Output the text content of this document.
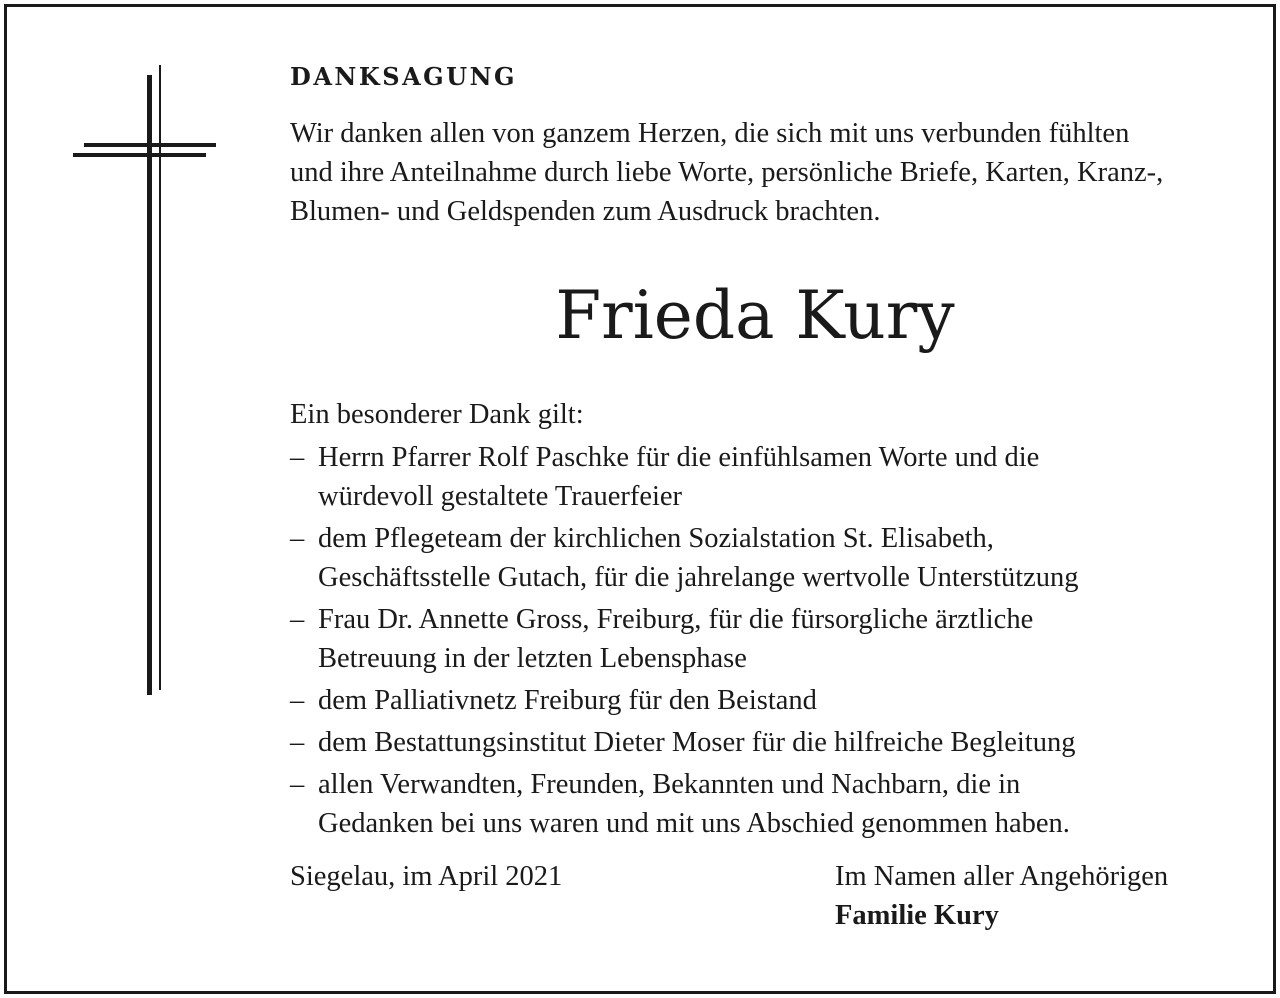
DANKSAGUNG

Wir danken allen von ganzem Herzen, die sich mit uns verbunden fühlten
und ihre Anteilnahme durch liebe Worte, persönliche Briefe, Karten, Kranz-,
Blumen- und Geldspenden zum Ausdruck brachten.

Frieda Kury

Ein besonderer Dank gilt:

– Herrn Pfarrer Rolf Paschke für die einfühlsamen Worte und die
würdevoll gestaltete Trauerfeier
– dem Pflegeteam der kirchlichen Sozialstation St. Elisabeth,
Geschäftsstelle Gutach, für die jahrelange wertvolle Unterstützung
– Frau Dr. Annette Gross, Freiburg, für die fürsorgliche ärztliche
Betreuung in der letzten Lebensphase
– dem Palliativnetz Freiburg für den Beistand
– dem Bestattungsinstitut Dieter Moser für die hilfreiche Begleitung
– allen Verwandten, Freunden, Bekannten und Nachbarn, die in
Gedanken bei uns waren und mit uns Abschied genommen haben.
Siegelau, im April 2021	Im Namen aller Angehörigen
Familie Kury
